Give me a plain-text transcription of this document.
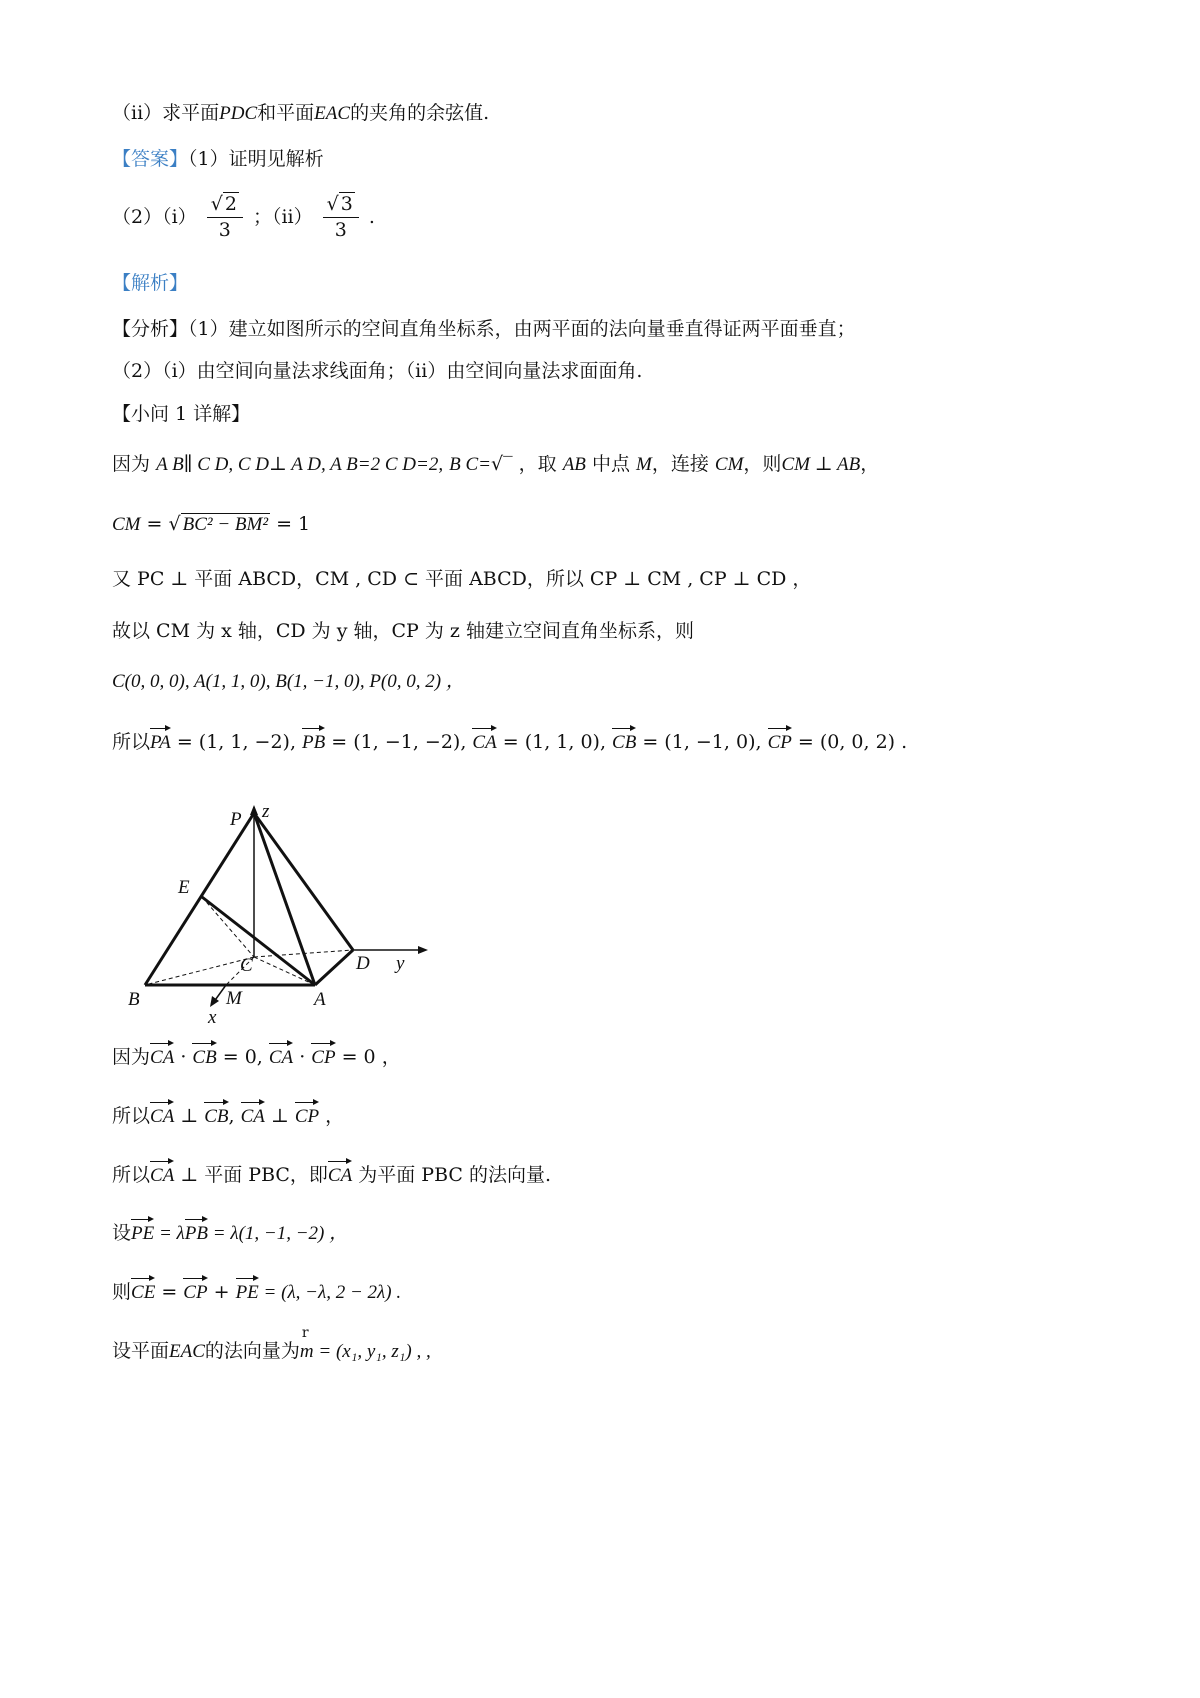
（ii）求平面PDC和平面EAC的夹角的余弦值.
【答案】（1）证明见解析
$(2)(i) \frac{√ 2}{3}$ ；$(ii) \frac{√ 3}{3}$ .
【解析】
【分析】（1）建立如图所示的空间直角坐标系，由两平面的法向量垂直得证两平面垂直；
（2）（i）由空间向量法求线面角；（ii）由空间向量法求面面角.
【小问 1 详解】
因为 A B∥ C D, C D⊥ A D, A B=2 C D=2, B C=√‾ ，取 AB 中点 M，连接 CM，则CM ⊥ AB，
CM = √ BC² − BM² = 1
又 PC ⊥ 平面 ABCD，CM , CD ⊂ 平面 ABCD，所以 CP ⊥ CM , CP ⊥ CD ，
故以 CM 为 x 轴，CD 为 y 轴，CP 为 z 轴建立空间直角坐标系，则
C(0, 0, 0), A(1, 1, 0), B(1, −1, 0), P(0, 0, 2) ，
所以PA = (1, 1, −2), PB = (1, −1, −2), CA = (1, 1, 0), CB = (1, −1, 0), CP = (0, 0, 2) .
z
P
E
C	D y
B	M	A
x
因为CA · CB = 0, CA · CP = 0 ，
所以CA ⊥ CB, CA ⊥ CP ，
所以CA ⊥ 平面 PBC，即CA 为平面 PBC 的法向量.
设PE = λPB = λ(1, −1, −2) ，
则CE = CP + PE = (λ, −λ, 2 − 2λ) .
设平面EAC的法向量为
r
m = (x₁, y₁, z₁) , ,
